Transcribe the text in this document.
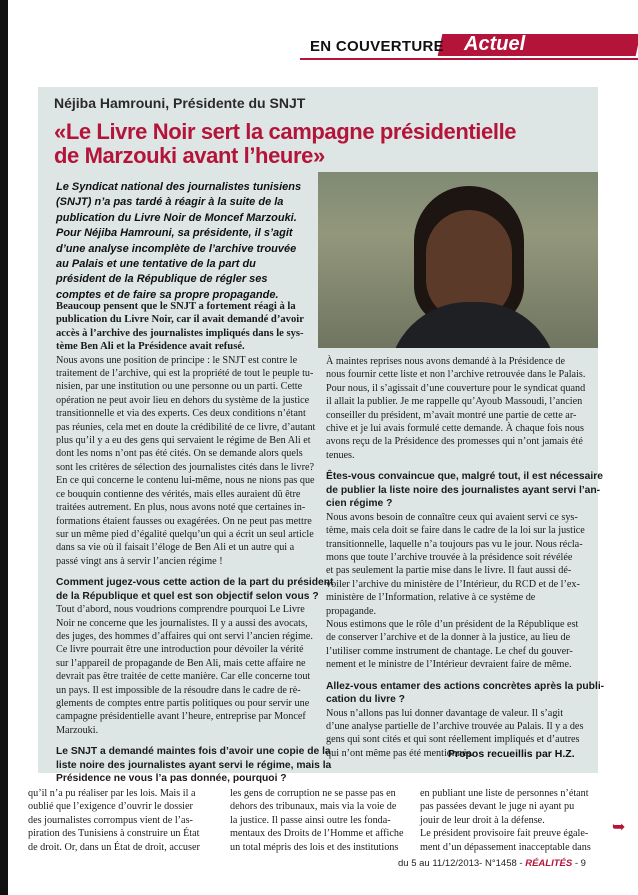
EN COUVERTURE Actuel
Néjiba Hamrouni, Présidente du SNJT
«Le Livre Noir sert la campagne présidentielle
de Marzouki avant l’heure»
Le Syndicat national des journalistes tunisiens
(SNJT) n’a pas tardé à réagir à la suite de la
publication du Livre Noir de Moncef Marzouki.
Pour Néjiba Hamrouni, sa présidente, il s’agit
d’une analyse incomplète de l’archive trouvée
au Palais et une tentative de la part du
président de la République de régler ses
comptes et de faire sa propre propagande.
Beaucoup pensent que le SNJT a fortement réagi à la
publication du Livre Noir, car il avait demandé d’avoir
accès à l’archive des journalistes impliqués dans le sys-
tème Ben Ali et la Présidence avait refusé.
Nous avons une position de principe : le SNJT est contre le
traitement de l’archive, qui est la propriété de tout le peuple tu-
nisien, par une institution ou une personne ou un parti. Cette
opération ne peut avoir lieu en dehors du système de la justice
transitionnelle et via des experts. Ces deux conditions n’étant
pas réunies, cela met en doute la crédibilité de ce livre, d’autant
plus qu’il y a eu des gens qui servaient le régime de Ben Ali et
dont les noms n’ont pas été cités. On se demande alors quels
sont les critères de sélection des journalistes cités dans le livre?
En ce qui concerne le contenu lui-même, nous ne nions pas que
ce bouquin contienne des vérités, mais elles auraient dû être
traitées autrement. En plus, nous avons noté que certaines in-
formations étaient fausses ou exagérées. On ne peut pas mettre
sur un même pied d’égalité quelqu’un qui a écrit un seul article
dans sa vie où il faisait l’éloge de Ben Ali et un autre qui a
passé vingt ans à servir l’ancien régime !
Comment jugez-vous cette action de la part du président
de la République et quel est son objectif selon vous ?
Tout d’abord, nous voudrions comprendre pourquoi Le Livre
Noir ne concerne que les journalistes. Il y a aussi des avocats,
des juges, des hommes d’affaires qui ont servi l’ancien régime.
Ce livre pourrait être une introduction pour dévoiler la vérité
sur l’appareil de propagande de Ben Ali, mais cette affaire ne
devrait pas être traitée de cette manière. Car elle concerne tout
un pays. Il est impossible de la résoudre dans le cadre de rè-
glements de comptes entre partis politiques ou pour servir une
campagne présidentielle avant l’heure, entreprise par Moncef
Marzouki.
Le SNJT a demandé maintes fois d’avoir une copie de la
liste noire des journalistes ayant servi le régime, mais la
Présidence ne vous l’a pas donnée, pourquoi ?
À maintes reprises nous avons demandé à la Présidence de
nous fournir cette liste et non l’archive retrouvée dans le Palais.
Pour nous, il s’agissait d’une couverture pour le syndicat quand
il allait la publier. Je me rappelle qu’Ayoub Massoudi, l’ancien
conseiller du président, m’avait montré une partie de cette ar-
chive et je lui avais formulé cette demande. À chaque fois nous
avons reçu de la Présidence des promesses qui n’ont jamais été
tenues.
Êtes-vous convaincue que, malgré tout, il est nécessaire
de publier la liste noire des journalistes ayant servi l’an-
cien régime ?
Nous avons besoin de connaître ceux qui avaient servi ce sys-
tème, mais cela doit se faire dans le cadre de la loi sur la justice
transitionnelle, laquelle n’a toujours pas vu le jour. Nous récla-
mons que toute l’archive trouvée à la présidence soit révélée
et pas seulement la partie mise dans le livre. Il faut aussi dé-
voiler l’archive du ministère de l’Intérieur, du RCD et de l’ex-
ministère de l’Information, relative à ce système de
propagande.
Nous estimons que le rôle d’un président de la République est
de conserver l’archive et de la donner à la justice, au lieu de
l’utiliser comme instrument de chantage. Le chef du gouver-
nement et le ministre de l’Intérieur devraient faire de même.
Allez-vous entamer des actions concrètes après la publi-
cation du livre ?
Nous n’allons pas lui donner davantage de valeur. Il s’agit
d’une analyse partielle de l’archive trouvée au Palais. Il y a des
gens qui sont cités et qui sont réellement impliqués et d’autres
qui n’ont même pas été mentionnés.
Propos recueillis par H.Z.
qu’il n’a pu réaliser par les lois. Mais il a
oublié que l’exigence d’ouvrir le dossier
des journalistes corrompus vient de l’as-
piration des Tunisiens à construire un État
de droit. Or, dans un État de droit, accuser
les gens de corruption ne se passe pas en
dehors des tribunaux, mais via la voie de
la justice. Il passe ainsi outre les fonda-
mentaux des Droits de l’Homme et affiche
un total mépris des lois et des institutions
en publiant une liste de personnes n’étant
pas passées devant le juge ni ayant pu
jouir de leur droit à la défense.
Le président provisoire fait preuve égale-
ment d’un dépassement inacceptable dans
➥
du 5 au 11/12/2013- N°1458 - RÉALITÉS - 9
